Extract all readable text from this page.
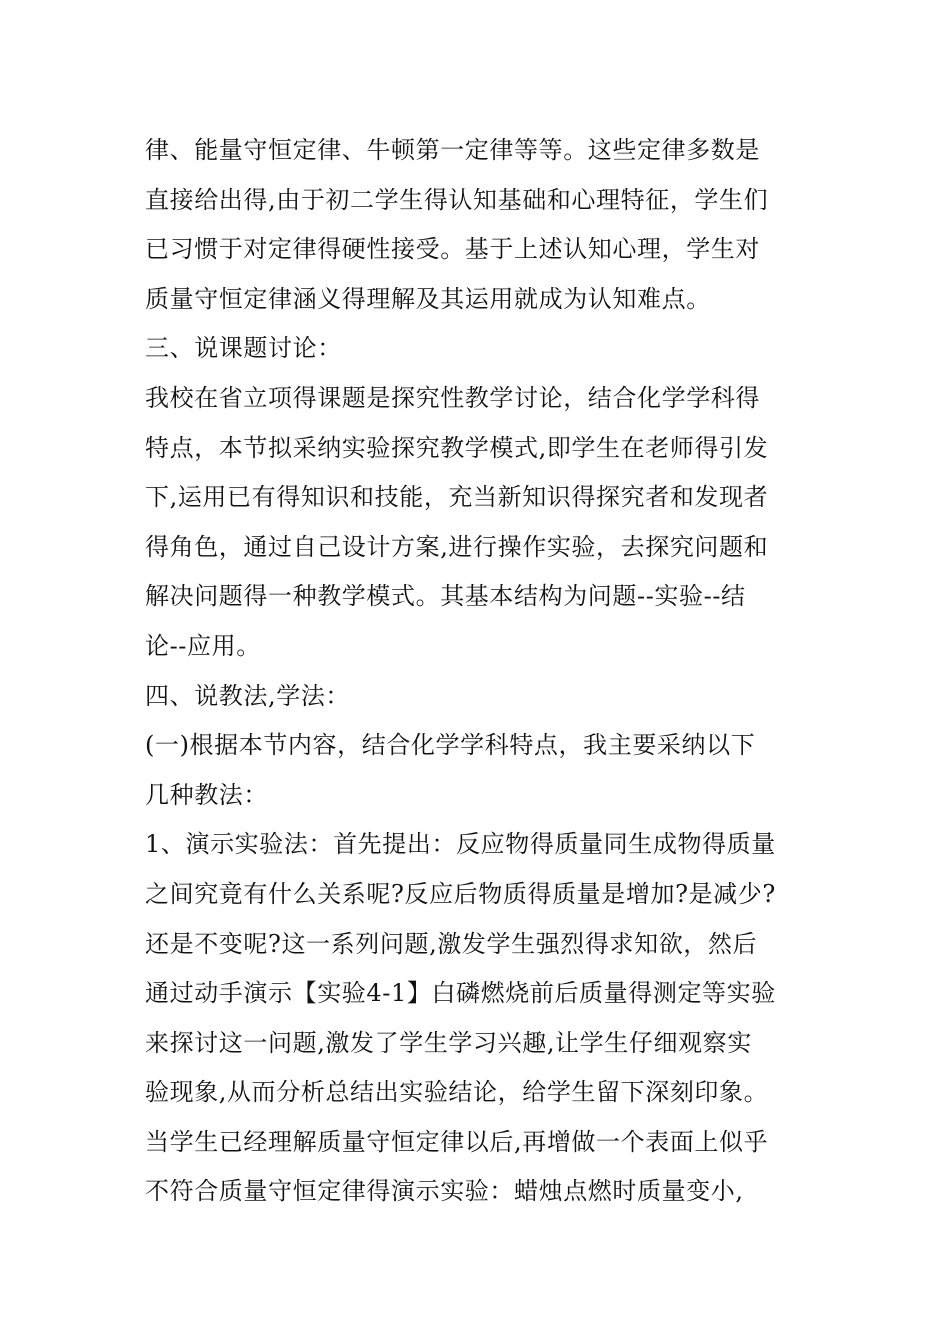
律、能量守恒定律、牛顿第一定律等等。这些定律多数是
直接给出得,由于初二学生得认知基础和心理特征，学生们
已习惯于对定律得硬性接受。基于上述认知心理，学生对
质量守恒定律涵义得理解及其运用就成为认知难点。
三、说课题讨论：
我校在省立项得课题是探究性教学讨论，结合化学学科得
特点，本节拟采纳实验探究教学模式,即学生在老师得引发
下,运用已有得知识和技能，充当新知识得探究者和发现者
得角色，通过自己设计方案,进行操作实验，去探究问题和
解决问题得一种教学模式。其基本结构为问题--实验--结
论--应用。
四、说教法,学法：
(一)根据本节内容，结合化学学科特点，我主要采纳以下
几种教法：
1、演示实验法：首先提出：反应物得质量同生成物得质量
之间究竟有什么关系呢?反应后物质得质量是增加?是减少?
还是不变呢?这一系列问题,激发学生强烈得求知欲，然后
通过动手演示【实验4-1】白磷燃烧前后质量得测定等实验
来探讨这一问题,激发了学生学习兴趣,让学生仔细观察实
验现象,从而分析总结出实验结论，给学生留下深刻印象。
当学生已经理解质量守恒定律以后,再增做一个表面上似乎
不符合质量守恒定律得演示实验：蜡烛点燃时质量变小,
